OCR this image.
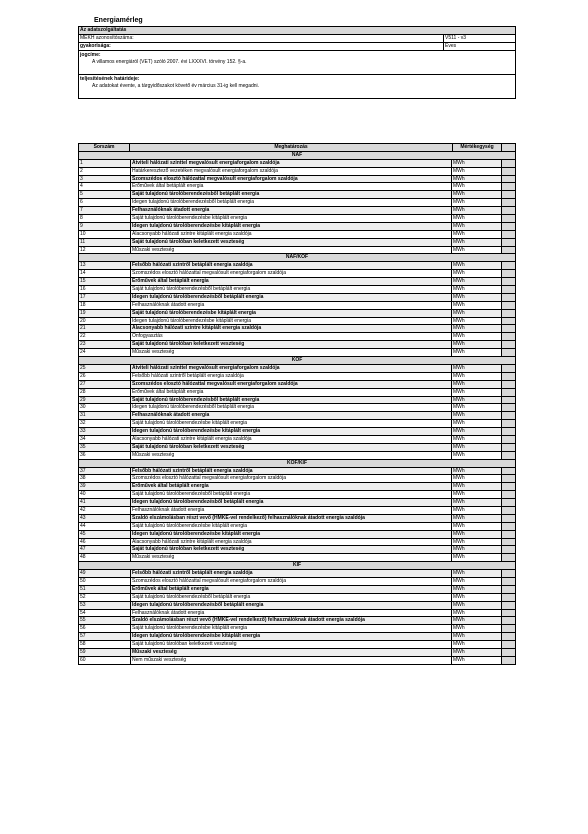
Energiamérleg
Az adatszolgáltatás
MEKH azonosítószáma:	V511 - v3
gyakorisága:	Éves
jogcíme:
A villamos energiáról (VET) szóló 2007. évi LXXXVI. törvény 152. §-a.
teljesítésének határideje:
Az adatokat évente, a tárgyidőszakot követő év március 31-ig kell megadni.
Sorszám	Meghatározás	Mértékegység
NAF
1	Átviteli hálózati szinttel megvalósult energiaforgalom szaldója	MWh
2	Határkeresztező vezetéken megvalósult energiaforgalom szaldója	MWh
3	Szomszédos elosztó hálózattal megvalósult energiaforgalom szaldója	MWh
4	Erőművek által betáplált energia	MWh
5	Saját tulajdonú tárolóberendezésből betáplált energia	MWh
6	Idegen tulajdonú tárolóberendezésből betáplált energia	MWh
7	Felhasználóknak átadott energia	MWh
8	Saját tulajdonú tárolóberendezésbe kitáplált energia	MWh
9	Idegen tulajdonú tárolóberendezésbe kitáplált energia	MWh
10	Alacsonyabb hálózati szintre kitáplált energia szaldója	MWh
11	Saját tulajdonú tárolóban keletkezett veszteség	MWh
12	Műszaki veszteség	MWh
NAF/KÖF
13	Felsőbb hálózati szintről betáplált energia szaldója	MWh
14	Szomszédos elosztó hálózattal megvalósult energiaforgalom szaldója	MWh
15	Erőművek által betáplált energia	MWh
16	Saját tulajdonú tárolóberendezésből betáplált energia	MWh
17	Idegen tulajdonú tárolóberendezésből betáplált energia	MWh
18	Felhasználóknak átadott energia	MWh
19	Saját tulajdonú tárolóberendezésbe kitáplált energia	MWh
20	Idegen tulajdonú tárolóberendezésbe kitáplált energia	MWh
21	Alacsonyabb hálózati szintre kitáplált energia szaldója	MWh
22	Önfogyasztás	MWh
23	Saját tulajdonú tárolóban keletkezett veszteség	MWh
24	Műszaki veszteség	MWh
KÖF
25	Átviteli hálózati szinttel megvalósult energiaforgalom szaldója	MWh
26	Felsőbb hálózati szintről betáplált energia szaldója	MWh
27	Szomszédos elosztó hálózattal megvalósult energiaforgalom szaldója	MWh
28	Erőművek által betáplált energia	MWh
29	Saját tulajdonú tárolóberendezésből betáplált energia	MWh
30	Idegen tulajdonú tárolóberendezésből betáplált energia	MWh
31	Felhasználóknak átadott energia	MWh
32	Saját tulajdonú tárolóberendezésbe kitáplált energia	MWh
33	Idegen tulajdonú tárolóberendezésbe kitáplált energia	MWh
34	Alacsonyabb hálózati szintre kitáplált energia szaldója	MWh
35	Saját tulajdonú tárolóban keletkezett veszteség	MWh
36	Műszaki veszteség	MWh
KÖF/KIF
37	Felsőbb hálózati szintről betáplált energia szaldója	MWh
38	Szomszédos elosztó hálózattal megvalósult energiaforgalom szaldója	MWh
39	Erőművek által betáplált energia	MWh
40	Saját tulajdonú tárolóberendezésből betáplált energia	MWh
41	Idegen tulajdonú tárolóberendezésből betáplált energia	MWh
42	Felhasználóknak átadott energia	MWh
43	Szaldó elszámolásban részt vevő (HMKE-vel rendelkező) felhasználóknak átadott energia szaldója	MWh
44	Saját tulajdonú tárolóberendezésbe kitáplált energia	MWh
45	Idegen tulajdonú tárolóberendezésbe kitáplált energia	MWh
46	Alacsonyabb hálózati szintre kitáplált energia szaldója	MWh
47	Saját tulajdonú tárolóban keletkezett veszteség	MWh
48	Műszaki veszteség	MWh
KIF
49	Felsőbb hálózati szintről betáplált energia szaldója	MWh
50	Szomszédos elosztó hálózattal megvalósult energiaforgalom szaldója	MWh
51	Erőművek által betáplált energia	MWh
52	Saját tulajdonú tárolóberendezésből betáplált energia	MWh
53	Idegen tulajdonú tárolóberendezésből betáplált energia	MWh
54	Felhasználóknak átadott energia	MWh
55	Szaldó elszámolásban részt vevő (HMKE-vel rendelkező) felhasználóknak átadott energia szaldója	MWh
56	Saját tulajdonú tárolóberendezésbe kitáplált energia	MWh
57	Idegen tulajdonú tárolóberendezésbe kitáplált energia	MWh
58	Saját tulajdonú tárolóban keletkezett veszteség	MWh
59	Műszaki veszteség	MWh
60	Nem műszaki veszteség	MWh
